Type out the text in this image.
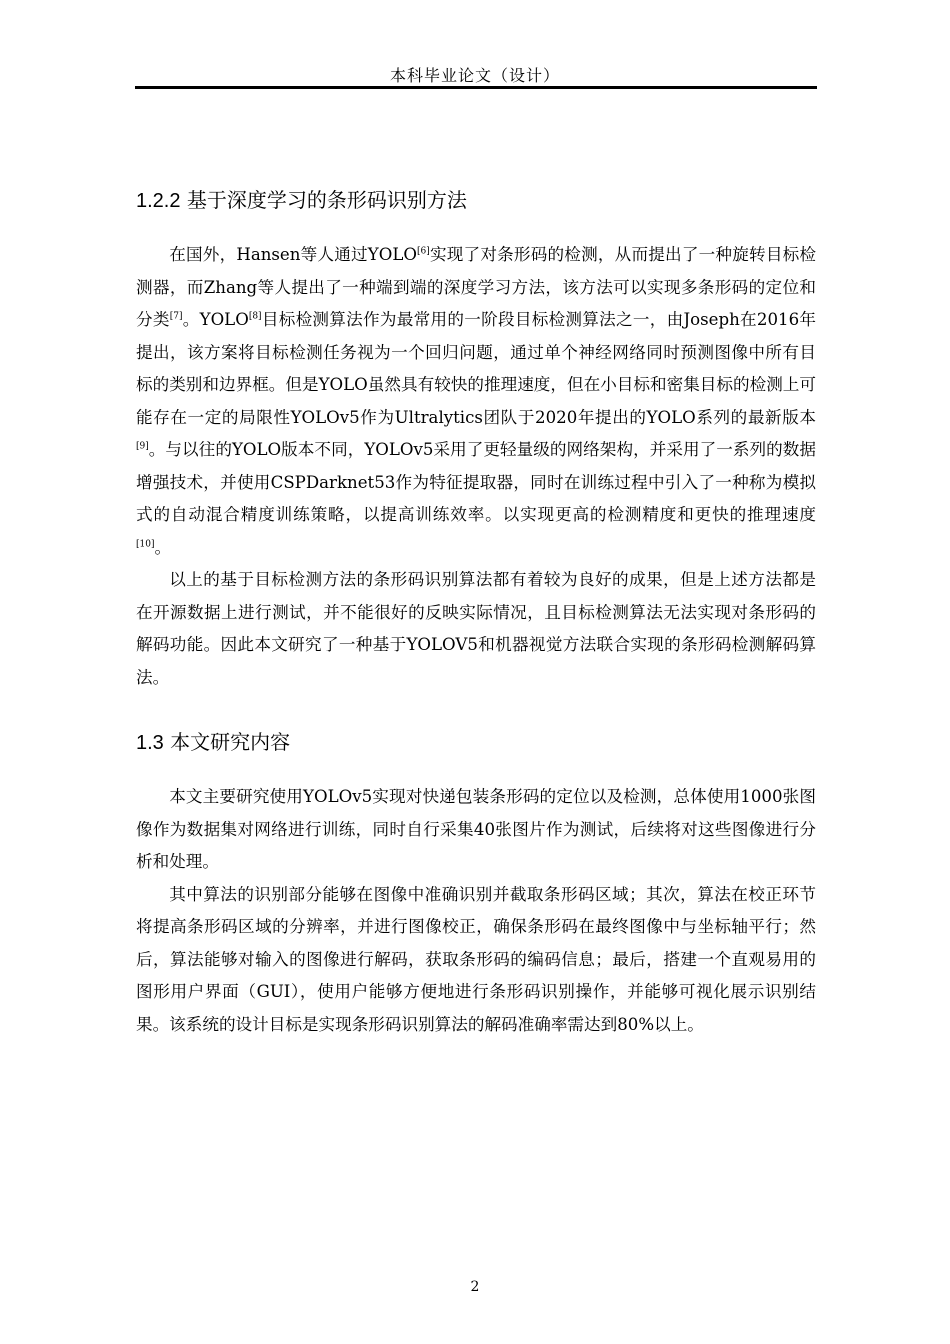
本科毕业论文（设计）
1.2.2 基于深度学习的条形码识别方法

在国外，Hansen等人通过YOLO[6]实现了对条形码的检测，从而提出了一种旋转目标检测器，而Zhang等人提出了一种端到端的深度学习方法，该方法可以实现多条形码的定位和分类[7]。YOLO[8]目标检测算法作为最常用的一阶段目标检测算法之一，由Joseph在2016年提出，该方案将目标检测任务视为一个回归问题，通过单个神经网络同时预测图像中所有目标的类别和边界框。但是YOLO虽然具有较快的推理速度，但在小目标和密集目标的检测上可能存在一定的局限性YOLOv5作为Ultralytics团队于2020年提出的YOLO系列的最新版本[9]。与以往的YOLO版本不同，YOLOv5采用了更轻量级的网络架构，并采用了一系列的数据增强技术，并使用CSPDarknet53作为特征提取器，同时在训练过程中引入了一种称为模拟式的自动混合精度训练策略，以提高训练效率。以实现更高的检测精度和更快的推理速度[10]。

以上的基于目标检测方法的条形码识别算法都有着较为良好的成果，但是上述方法都是在开源数据上进行测试，并不能很好的反映实际情况，且目标检测算法无法实现对条形码的解码功能。因此本文研究了一种基于YOLOV5和机器视觉方法联合实现的条形码检测解码算法。

1.3 本文研究内容

本文主要研究使用YOLOv5实现对快递包装条形码的定位以及检测，总体使用1000张图像作为数据集对网络进行训练，同时自行采集40张图片作为测试，后续将对这些图像进行分析和处理。

其中算法的识别部分能够在图像中准确识别并截取条形码区域；其次，算法在校正环节将提高条形码区域的分辨率，并进行图像校正，确保条形码在最终图像中与坐标轴平行；然后，算法能够对输入的图像进行解码，获取条形码的编码信息；最后，搭建一个直观易用的图形用户界面（GUI），使用户能够方便地进行条形码识别操作，并能够可视化展示识别结果。该系统的设计目标是实现条形码识别算法的解码准确率需达到80%以上。

2
